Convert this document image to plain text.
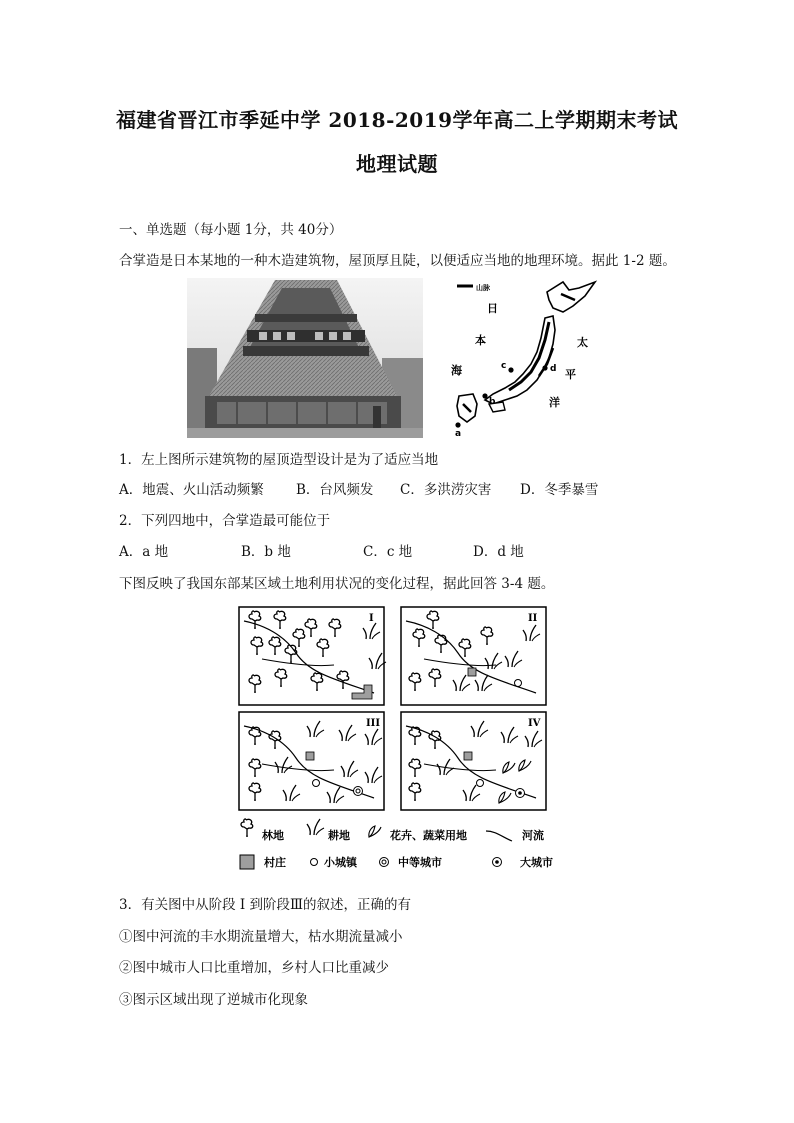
福建省晋江市季延中学 2018-2019学年高二上学期期末考试
地理试题
一、单选题（每小题 1分，共 40分）
合掌造是日本某地的一种木造建筑物，屋顶厚且陡，以便适应当地的地理环境。据此 1-2 题。
山脉
a
b
c	d
日
本
海
太
平
洋
1．左上图所示建筑物的屋顶造型设计是为了适应当地
A．地震、火山活动频繁 B．台风频发 C．多洪涝灾害 D．冬季暴雪
2．下列四地中，合掌造最可能位于
A．a 地	B．b 地	C．c 地	D．d 地
下图反映了我国东部某区域土地利用状况的变化过程，据此回答 3-4 题。
I	II
III	IV
林地	耕地	花卉、蔬菜用地	河流
村庄	小城镇	中等城市	大城市
3．有关图中从阶段 I 到阶段Ⅲ的叙述，正确的有
①图中河流的丰水期流量增大，枯水期流量减小
②图中城市人口比重增加，乡村人口比重减少
③图示区域出现了逆城市化现象
